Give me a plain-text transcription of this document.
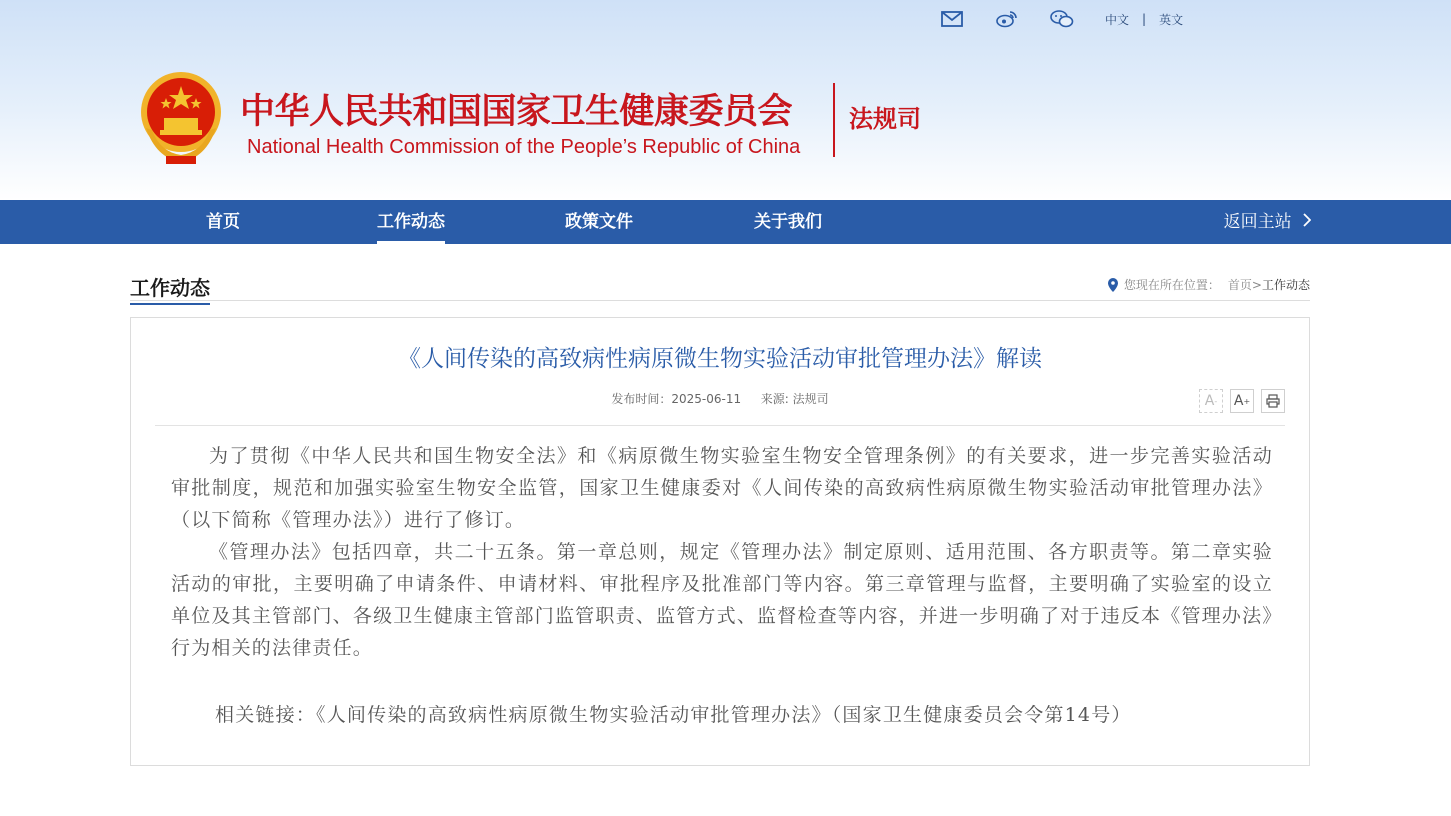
中文 | 英文
中华人民共和国国家卫生健康委员会
National Health Commission of the People’s Republic of China
法规司
首页	工作动态	政策文件	关于我们	返回主站
工作动态	您现在所在位置： 首页 > 工作动态
《人间传染的高致病性病原微生物实验活动审批管理办法》解读
发布时间：2025-06-11 来源: 法规司	A - A +

为了贯彻《中华人民共和国生物安全法》和《病原微生物实验室生物安全管理条例》的有关要求，进一步完善实验活动审批制度，规范和加强实验室生物安全监管，国家卫生健康委对《人间传染的高致病性病原微生物实验活动审批管理办法》（以下简称《管理办法》）进行了修订。

《管理办法》包括四章，共二十五条。第一章总则，规定《管理办法》制定原则、适用范围、各方职责等。第二章实验活动的审批，主要明确了申请条件、申请材料、审批程序及批准部门等内容。第三章管理与监督，主要明确了实验室的设立单位及其主管部门、各级卫生健康主管部门监管职责、监管方式、监督检查等内容，并进一步明确了对于违反本《管理办法》行为相关的法律责任。

相关链接：《人间传染的高致病性病原微生物实验活动审批管理办法》（国家卫生健康委员会令第14号）
